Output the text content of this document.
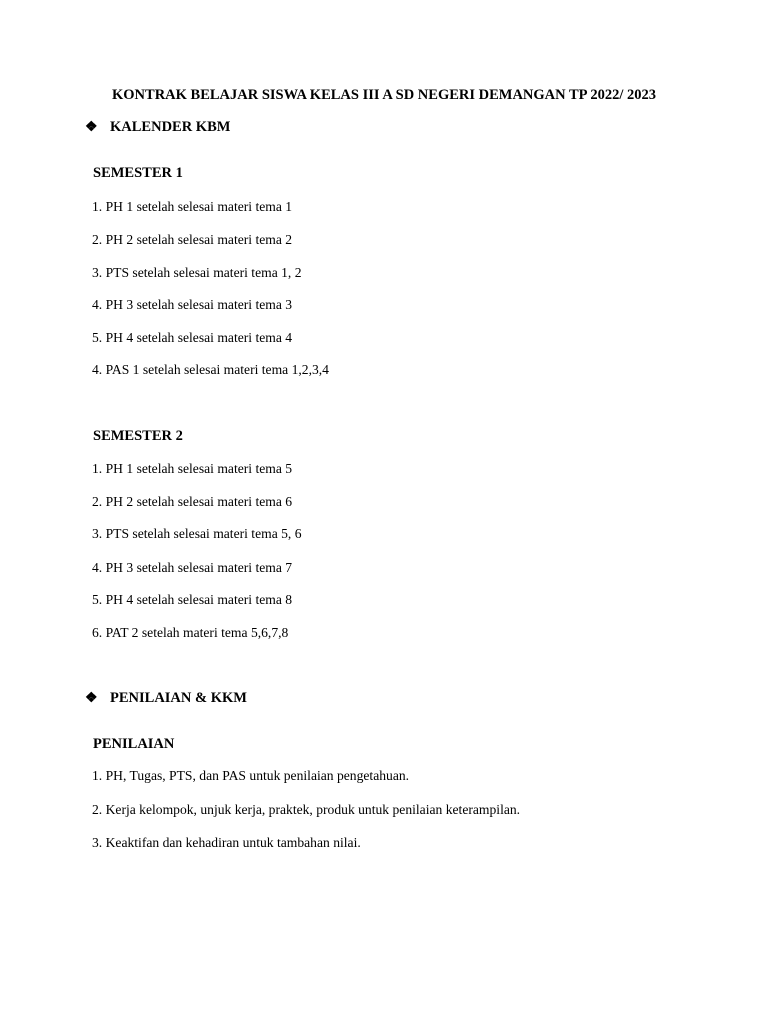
KONTRAK BELAJAR SISWA KELAS III A SD NEGERI DEMANGAN TP 2022/ 2023
❖ KALENDER KBM
SEMESTER 1
1. PH 1 setelah selesai materi tema 1
2. PH 2 setelah selesai materi tema 2
3. PTS setelah selesai materi tema 1, 2
4. PH 3 setelah selesai materi tema 3
5. PH 4 setelah selesai materi tema 4
4. PAS 1 setelah selesai materi tema 1,2,3,4
SEMESTER 2
1. PH 1 setelah selesai materi tema 5
2. PH 2 setelah selesai materi tema 6
3. PTS setelah selesai materi tema 5, 6
4. PH 3 setelah selesai materi tema 7
5. PH 4 setelah selesai materi tema 8
6. PAT 2 setelah materi tema 5,6,7,8
❖ PENILAIAN & KKM
PENILAIAN
1. PH, Tugas, PTS, dan PAS untuk penilaian pengetahuan.
2. Kerja kelompok, unjuk kerja, praktek, produk untuk penilaian keterampilan.
3. Keaktifan dan kehadiran untuk tambahan nilai.
